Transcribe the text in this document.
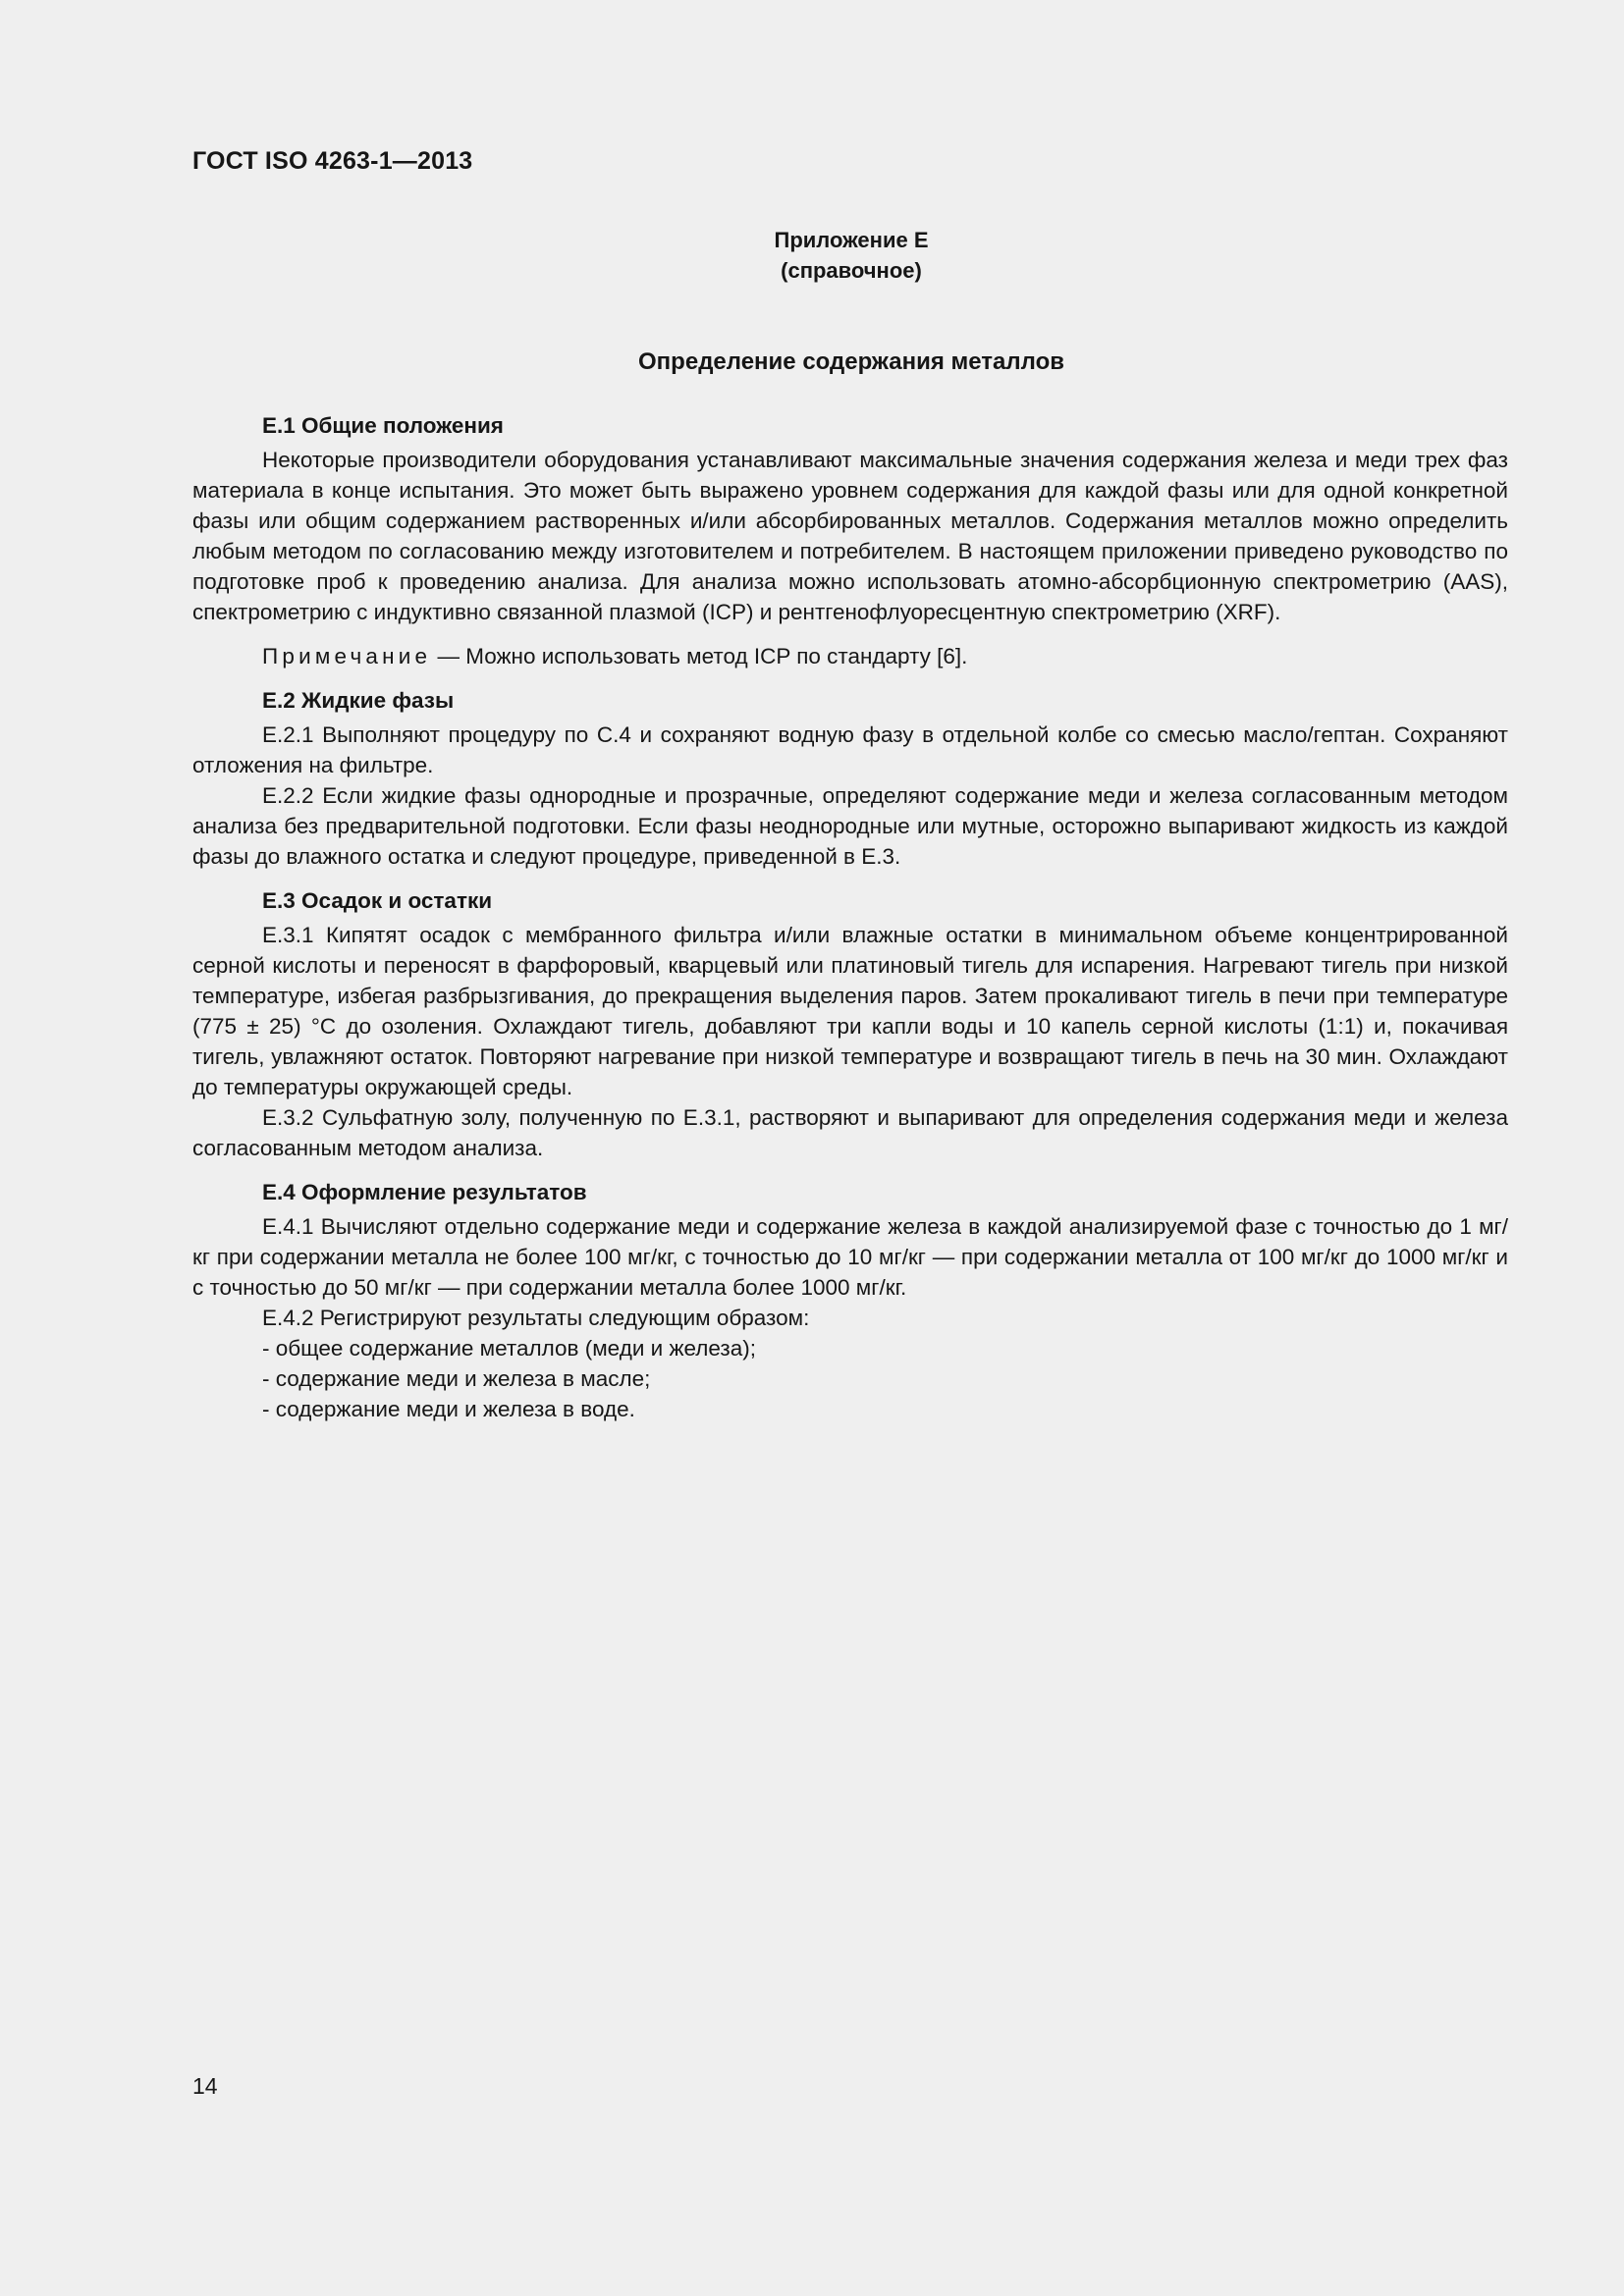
ГОСТ ISO 4263-1—2013
Приложение Е
(справочное)
Определение содержания металлов

Е.1 Общие положения

Некоторые производители оборудования устанавливают максимальные значения содержания железа и меди трех фаз материала в конце испытания. Это может быть выражено уровнем содержания для каждой фазы или для одной конкретной фазы или общим содержанием растворенных и/или абсорбированных металлов. Содержания металлов можно определить любым методом по согласованию между изготовителем и потребителем. В настоящем приложении приведено руководство по подготовке проб к проведению анализа. Для анализа можно использовать атомно-абсорбционную спектрометрию (AAS), спектрометрию с индуктивно связанной плазмой (ICP) и рентгенофлуоресцентную спектрометрию (XRF).

Примечание — Можно использовать метод ICP по стандарту [6].

Е.2 Жидкие фазы

Е.2.1 Выполняют процедуру по С.4 и сохраняют водную фазу в отдельной колбе со смесью масло/гептан. Сохраняют отложения на фильтре.

Е.2.2 Если жидкие фазы однородные и прозрачные, определяют содержание меди и железа согласованным методом анализа без предварительной подготовки. Если фазы неоднородные или мутные, осторожно выпаривают жидкость из каждой фазы до влажного остатка и следуют процедуре, приведенной в Е.3.

Е.3 Осадок и остатки

Е.3.1 Кипятят осадок с мембранного фильтра и/или влажные остатки в минимальном объеме концентрированной серной кислоты и переносят в фарфоровый, кварцевый или платиновый тигель для испарения. Нагревают тигель при низкой температуре, избегая разбрызгивания, до прекращения выделения паров. Затем прокаливают тигель в печи при температуре (775 ± 25) °С до озоления. Охлаждают тигель, добавляют три капли воды и 10 капель серной кислоты (1:1) и, покачивая тигель, увлажняют остаток. Повторяют нагревание при низкой температуре и возвращают тигель в печь на 30 мин. Охлаждают до температуры окружающей среды.

Е.3.2 Сульфатную золу, полученную по Е.3.1, растворяют и выпаривают для определения содержания меди и железа согласованным методом анализа.

Е.4 Оформление результатов

Е.4.1 Вычисляют отдельно содержание меди и содержание железа в каждой анализируемой фазе с точностью до 1 мг/кг при содержании металла не более 100 мг/кг, с точностью до 10 мг/кг — при содержании металла от 100 мг/кг до 1000 мг/кг и с точностью до 50 мг/кг — при содержании металла более 1000 мг/кг.

Е.4.2 Регистрируют результаты следующим образом:

- общее содержание металлов (меди и железа);

- содержание меди и железа в масле;

- содержание меди и железа в воде.

14
